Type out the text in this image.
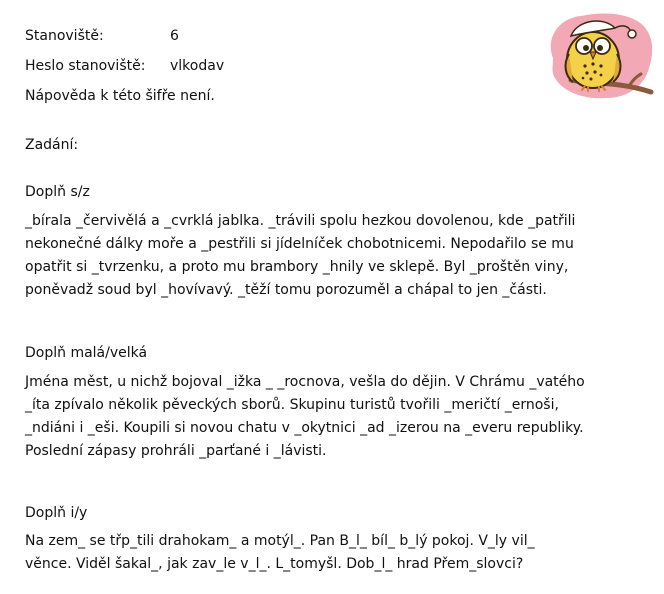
Stanoviště:	6
Heslo stanoviště: vlkodav
Nápověda k této šifře není.
Zadání:
Doplň s/z
_bírala _červivělá a _cvrklá jablka. _trávili spolu hezkou dovolenou, kde _patřili
nekonečné dálky moře a _pestřili si jídelníček chobotnicemi. Nepodařilo se mu
opatřit si _tvrzenku, a proto mu brambory _hnily ve sklepě. Byl _proštěn viny,
poněvadž soud byl _hovívavý. _těží tomu porozuměl a chápal to jen _části.
Doplň malá/velká
Jména měst, u nichž bojoval _ižka _ _rocnova, vešla do dějin. V Chrámu _vatého
_íta zpívalo několik pěveckých sborů. Skupinu turistů tvořili _meričtí _ernoši,
_ndiáni i _eši. Koupili si novou chatu v _okytnici _ad _izerou na _everu republiky.
Poslední zápasy prohráli _parťané i _lávisti.
Doplň i/y
Na zem_ se třp_tili drahokam_ a motýl_. Pan B_l_ bíl_ b_lý pokoj. V_ly vil_
věnce. Viděl šakal_, jak zav_le v_l_. L_tomyšl. Dob_l_ hrad Přem_slovci?
